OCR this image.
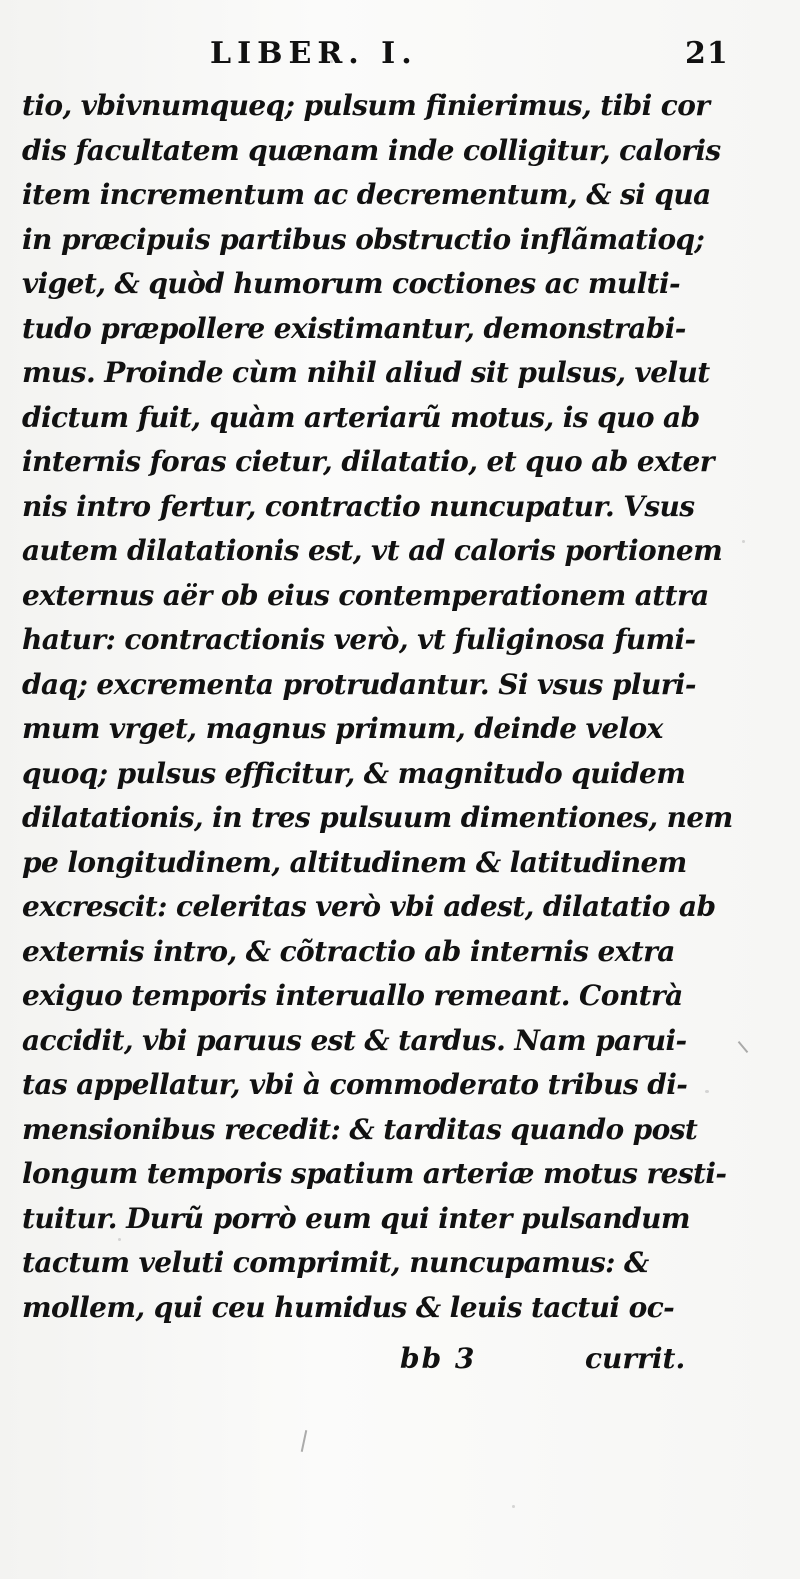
LIBER. I.	21
tio, vbivnumqueq; pulsum finierimus, tibi cor
dis facultatem quænam inde colligitur, caloris
item incrementum ac decrementum, & si qua
in præcipuis partibus obstructio inflãmatioq;
viget, & quòd humorum coctiones ac multi-
tudo præpollere existimantur, demonstrabi-
mus. Proinde cùm nihil aliud sit pulsus, velut
dictum fuit, quàm arteriarũ motus, is quo ab
internis foras cietur, dilatatio, et quo ab exter
nis intro fertur, contractio nuncupatur. Vsus
autem dilatationis est, vt ad caloris portionem
externus aër ob eius contemperationem attra
hatur: contractionis verò, vt fuliginosa fumi-
daq; excrementa protrudantur. Si vsus pluri-
mum vrget, magnus primum, deinde velox
quoq; pulsus efficitur, & magnitudo quidem
dilatationis, in tres pulsuum dimentiones, nem
pe longitudinem, altitudinem & latitudinem
excrescit: celeritas verò vbi adest, dilatatio ab
externis intro, & cõtractio ab internis extra
exiguo temporis interuallo remeant. Contrà
accidit, vbi paruus est & tardus. Nam parui-
tas appellatur, vbi à commoderato tribus di-
mensionibus recedit: & tarditas quando post
longum temporis spatium arteriæ motus resti-
tuitur. Durũ porrò eum qui inter pulsandum
tactum veluti comprimit, nuncupamus: &
mollem, qui ceu humidus & leuis tactui oc-
bb 3	currit.
